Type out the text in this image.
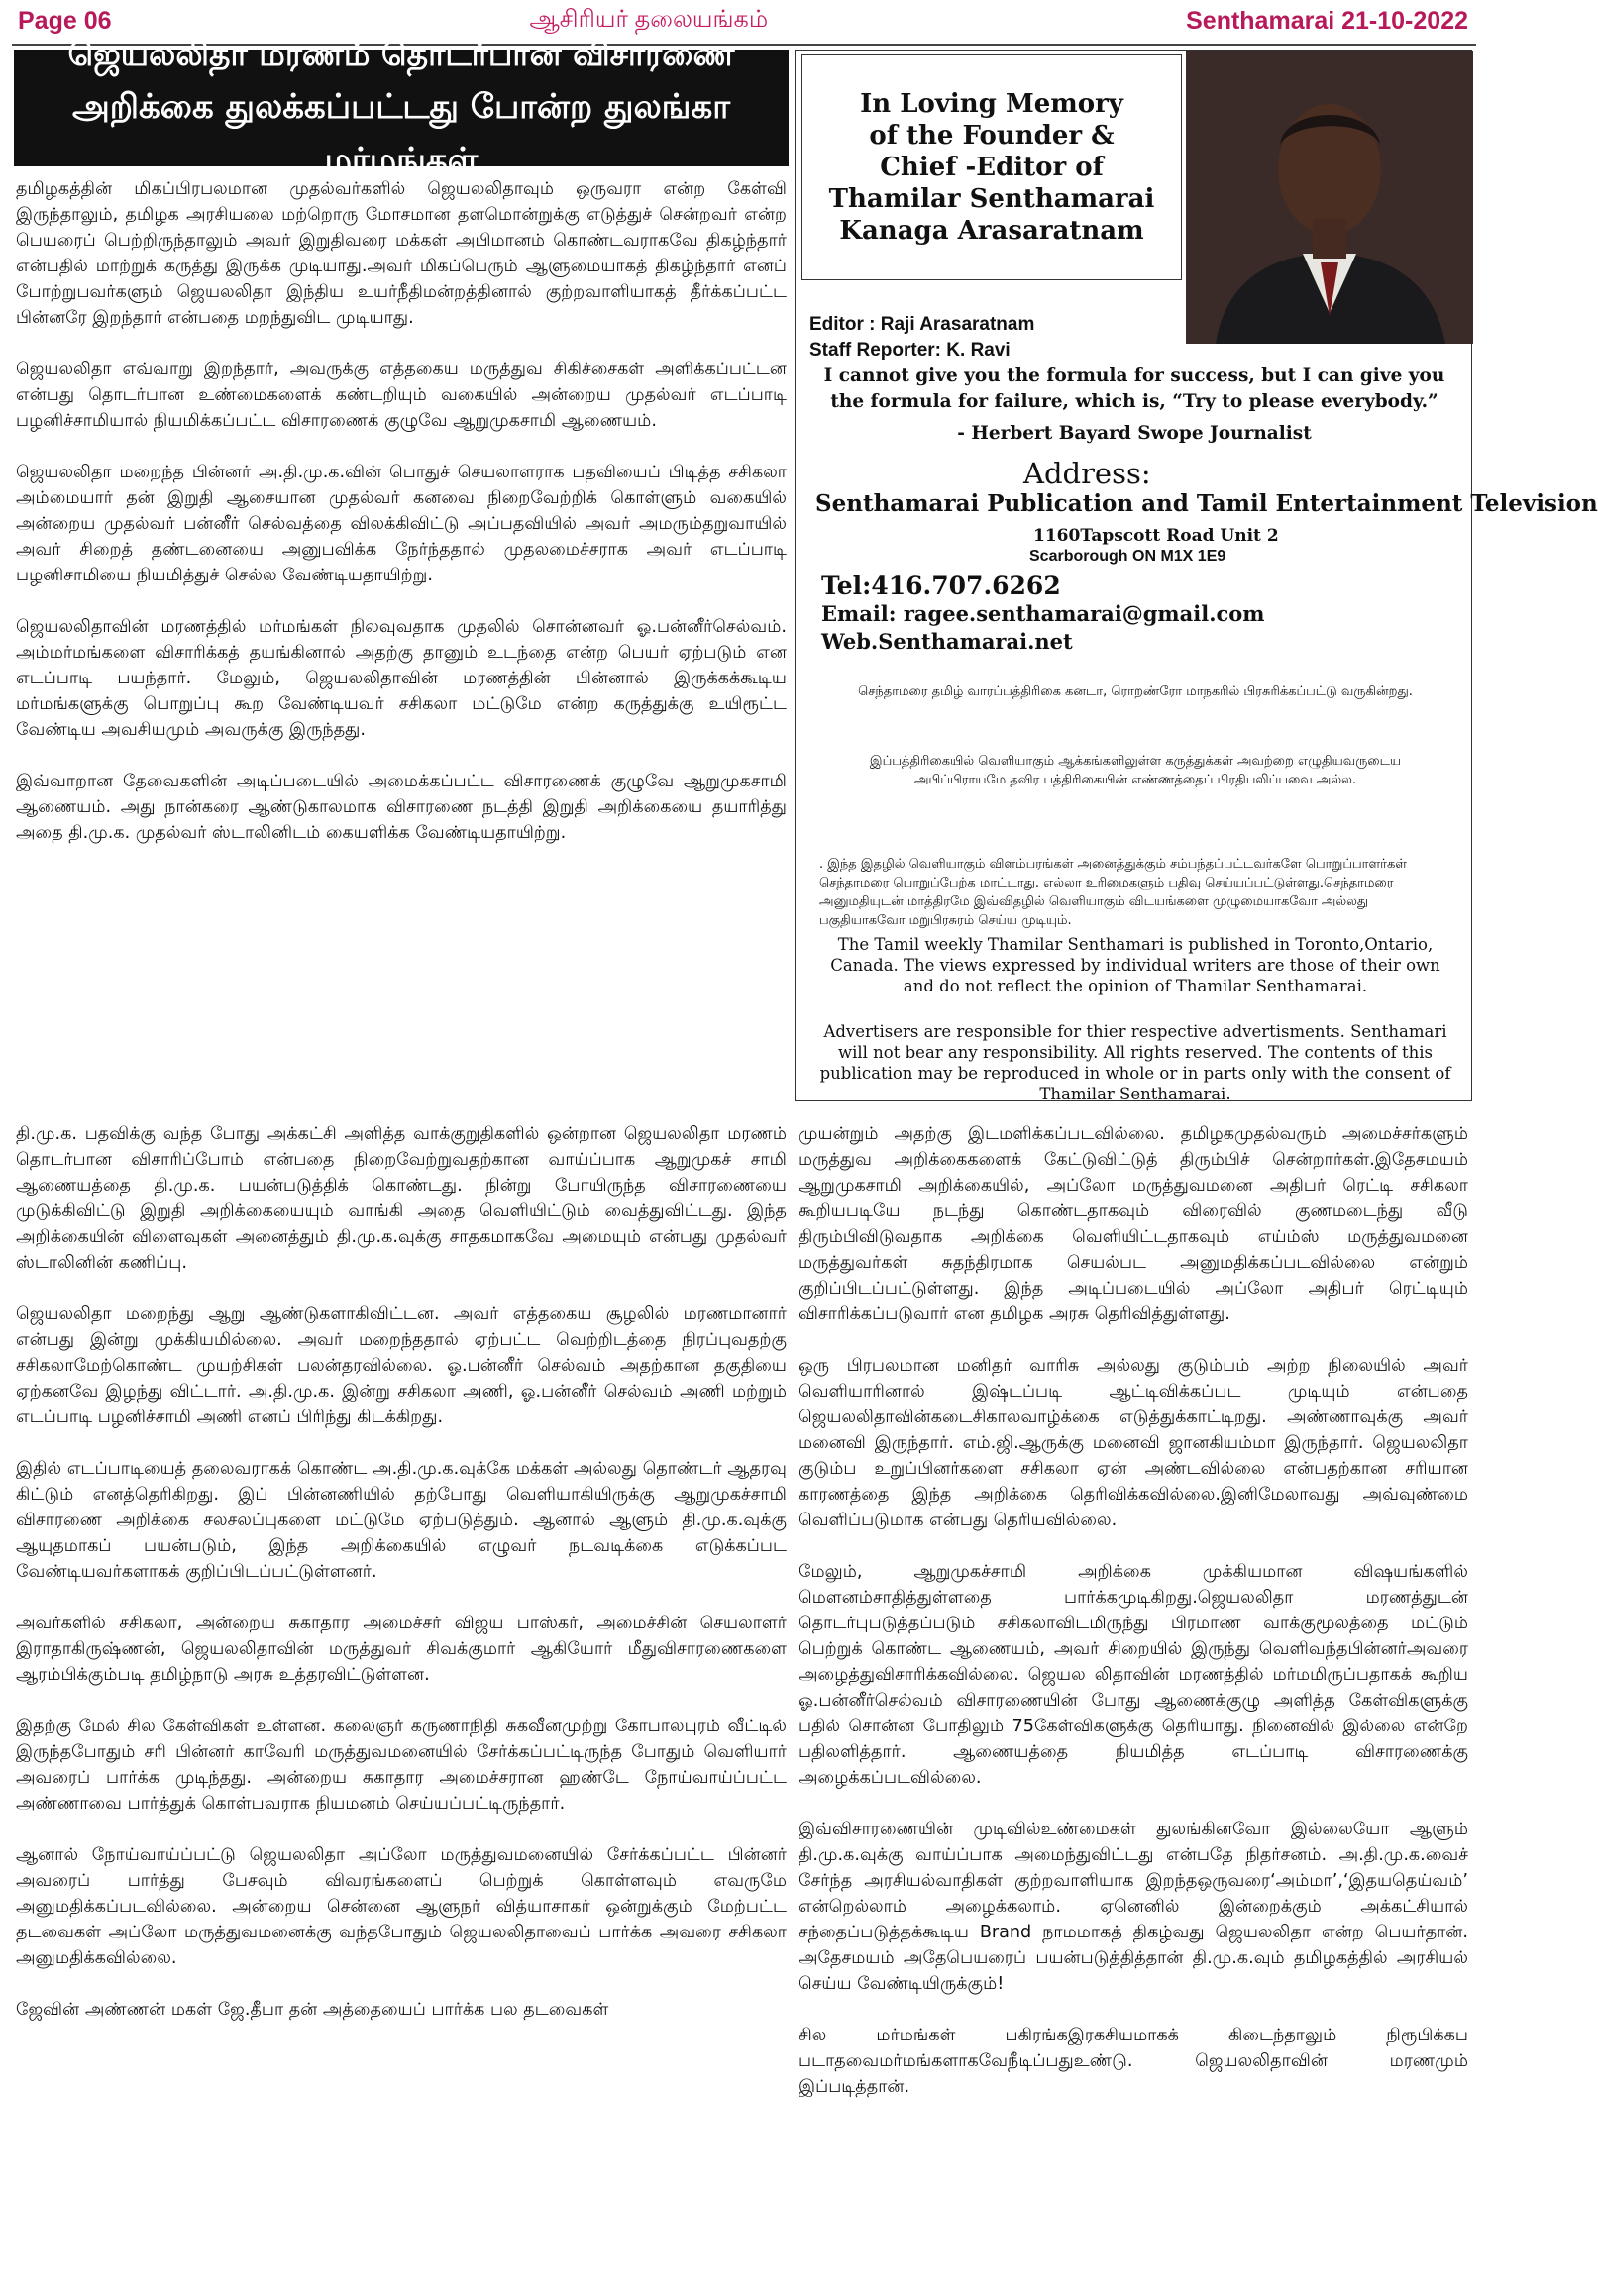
Page 06	ஆசிரியர் தலையங்கம்	Senthamarai 21-10-2022
ஜெயலலிதா மரணம் தொடர்பான விசாரணை
அறிக்கை துலக்கப்பட்டது போன்ற துலங்கா மர்மங்கள்

தமிழகத்தின் மிகப்பிரபலமான முதல்வர்களில் ஜெயலலிதாவும் ஒருவரா என்ற கேள்வி இருந்தாலும், தமிழக அரசியலை மற்றொரு மோசமான தளமொன்றுக்கு எடுத்துச் சென்றவர் என்ற பெயரைப் பெற்றிருந்தாலும் அவர் இறுதிவரை மக்கள் அபிமானம் கொண்டவராகவே திகழ்ந்தார் என்பதில் மாற்றுக் கருத்து இருக்க முடியாது.அவர் மிகப்பெரும் ஆளுமையாகத் திகழ்ந்தார் எனப் போற்றுபவர்களும் ஜெயலலிதா இந்திய உயர்நீதிமன்றத்தினால் குற்றவாளியாகத் தீர்க்கப்பட்ட பின்னரே இறந்தார் என்பதை மறந்துவிட முடியாது.

ஜெயலலிதா எவ்வாறு இறந்தார், அவருக்கு எத்தகைய மருத்துவ சிகிச்சைகள் அளிக்கப்பட்டன என்பது தொடர்பான உண்மைகளைக் கண்டறியும் வகையில் அன்றைய முதல்வர் எடப்பாடி பழனிச்சாமியால் நியமிக்கப்பட்ட விசாரணைக் குழுவே ஆறுமுகசாமி ஆணையம்.

ஜெயலலிதா மறைந்த பின்னர் அ.தி.மு.க.வின் பொதுச் செயலாளராக பதவியைப் பிடித்த சசிகலா அம்மையார் தன் இறுதி ஆசையான முதல்வர் கனவை நிறைவேற்றிக் கொள்ளும் வகையில் அன்றைய முதல்வர் பன்னீர் செல்வத்தை விலக்கிவிட்டு அப்பதவியில் அவர் அமரும்தறுவாயில் அவர் சிறைத் தண்டனையை அனுபவிக்க நேர்ந்ததால் முதலமைச்சராக அவர் எடப்பாடி பழனிசாமியை நியமித்துச் செல்ல வேண்டியதாயிற்று.

ஜெயலலிதாவின் மரணத்தில் மர்மங்கள் நிலவுவதாக முதலில் சொன்னவர் ஓ.பன்னீர்செல்வம். அம்மர்மங்களை விசாரிக்கத் தயங்கினால் அதற்கு தானும் உடந்தை என்ற பெயர் ஏற்படும் என எடப்பாடி பயந்தார். மேலும், ஜெயலலிதாவின் மரணத்தின் பின்னால் இருக்கக்கூடிய மர்மங்களுக்கு பொறுப்பு கூற வேண்டியவர் சசிகலா மட்டுமே என்ற கருத்துக்கு உயிரூட்ட வேண்டிய அவசியமும் அவருக்கு இருந்தது.

இவ்வாறான தேவைகளின் அடிப்படையில் அமைக்கப்பட்ட விசாரணைக் குழுவே ஆறுமுகசாமி ஆணையம். அது நான்கரை ஆண்டுகாலமாக விசாரணை நடத்தி இறுதி அறிக்கையை தயாரித்து அதை தி.மு.க. முதல்வர் ஸ்டாலினிடம் கையளிக்க வேண்டியதாயிற்று.

In Loving Memory
of the Founder &
Chief -Editor of
Thamilar Senthamarai
Kanaga Arasaratnam
Editor : Raji Arasaratnam
Staff Reporter: K. Ravi
I cannot give you the formula for success, but I can give you the formula for failure, which is, “Try to please everybody.”
- Herbert Bayard Swope Journalist
Address:
Senthamarai Publication and Tamil Entertainment Television
1160Tapscott Road Unit 2
Scarborough ON M1X 1E9
Tel:416.707.6262
Email: ragee.senthamarai@gmail.com
Web.Senthamarai.net
செந்தாமரை தமிழ் வாரப்பத்திரிகை கனடா, ரொறண்ரோ மாநகரில் பிரசுரிக்கப்பட்டு வருகின்றது.
இப்பத்திரிகையில் வெளியாகும் ஆக்கங்களிலுள்ள கருத்துக்கள் அவற்றை எழுதியவருடைய அபிப்பிராயமே தவிர பத்திரிகையின் எண்ணத்தைப் பிரதிபலிப்பவை அல்ல.
. இந்த இதழில் வெளியாகும் விளம்பரங்கள் அனைத்துக்கும் சம்பந்தப்பட்டவர்களே பொறுப்பாளர்கள் செந்தாமரை பொறுப்பேற்க மாட்டாது. எல்லா உரிமைகளும் பதிவு செய்யப்பட்டுள்ளது.செந்தாமரை அனுமதியுடன் மாத்திரமே இவ்விதழில் வெளியாகும் விடயங்களை முழுமையாகவோ அல்லது பகுதியாகவோ மறுபிரசுரம் செய்ய முடியும்.
The Tamil weekly Thamilar Senthamari is published in Toronto,Ontario, Canada. The views expressed by individual writers are those of their own and do not reflect the opinion of Thamilar Senthamarai.
Advertisers are responsible for thier respective advertisments. Senthamari will not bear any responsibility. All rights reserved. The contents of this publication may be reproduced in whole or in parts only with the consent of Thamilar Senthamarai.

தி.மு.க. பதவிக்கு வந்த போது அக்கட்சி அளித்த வாக்குறுதிகளில் ஒன்றான ஜெயலலிதா மரணம் தொடர்பான விசாரிப்போம் என்பதை நிறைவேற்றுவதற்கான வாய்ப்பாக ஆறுமுகச் சாமி ஆணையத்தை தி.மு.க. பயன்படுத்திக் கொண்டது. நின்று போயிருந்த விசாரணையை முடுக்கிவிட்டு இறுதி அறிக்கையையும் வாங்கி அதை வெளியிட்டும் வைத்துவிட்டது. இந்த அறிக்கையின் விளைவுகள் அனைத்தும் தி.மு.க.வுக்கு சாதகமாகவே அமையும் என்பது முதல்வர் ஸ்டாலினின் கணிப்பு.

ஜெயலலிதா மறைந்து ஆறு ஆண்டுகளாகிவிட்டன. அவர் எத்தகைய சூழலில் மரணமானார் என்பது இன்று முக்கியமில்லை. அவர் மறைந்ததால் ஏற்பட்ட வெற்றிடத்தை நிரப்புவதற்கு சசிகலாமேற்கொண்ட முயற்சிகள் பலன்தரவில்லை. ஓ.பன்னீர் செல்வம் அதற்கான தகுதியை ஏற்கனவே இழந்து விட்டார். அ.தி.மு.க. இன்று சசிகலா அணி, ஓ.பன்னீர் செல்வம் அணி மற்றும் எடப்பாடி பழனிச்சாமி அணி எனப் பிரிந்து கிடக்கிறது.

இதில் எடப்பாடியைத் தலைவராகக் கொண்ட அ.தி.மு.க.வுக்கே மக்கள் அல்லது தொண்டர் ஆதரவு கிட்டும் எனத்தெரிகிறது. இப் பின்னணியில் தற்போது வெளியாகியிருக்கு ஆறுமுகச்சாமி விசாரணை அறிக்கை சலசலப்புகளை மட்டுமே ஏற்படுத்தும். ஆனால் ஆளும் தி.மு.க.வுக்கு ஆயுதமாகப் பயன்படும், இந்த அறிக்கையில் எழுவர் நடவடிக்கை எடுக்கப்பட வேண்டியவர்களாகக் குறிப்பிடப்பட்டுள்ளனர்.

அவர்களில் சசிகலா, அன்றைய சுகாதார அமைச்சர் விஜய பாஸ்கர், அமைச்சின் செயலாளர் இராதாகிருஷ்ணன், ஜெயலலிதாவின் மருத்துவர் சிவக்குமார் ஆகியோர் மீதுவிசாரணைகளை ஆரம்பிக்கும்படி தமிழ்நாடு அரசு உத்தரவிட்டுள்ளன.

இதற்கு மேல் சில கேள்விகள் உள்ளன. கலைஞர் கருணாநிதி சுகவீனமுற்று கோபாலபுரம் வீட்டில் இருந்தபோதும் சரி பின்னர் காவேரி மருத்துவமனையில் சேர்க்கப்பட்டிருந்த போதும் வெளியார் அவரைப் பார்க்க முடிந்தது. அன்றைய சுகாதார அமைச்சரான ஹண்டே நோய்வாய்ப்பட்ட அண்ணாவை பார்த்துக் கொள்பவராக நியமனம் செய்யப்பட்டிருந்தார்.

ஆனால் நோய்வாய்ப்பட்டு ஜெயலலிதா அப்லோ மருத்துவமனையில் சேர்க்கப்பட்ட பின்னர் அவரைப் பார்த்து பேசவும் விவரங்களைப் பெற்றுக் கொள்ளவும் எவருமே அனுமதிக்கப்படவில்லை. அன்றைய சென்னை ஆளுநர் வித்யாசாகர் ஒன்றுக்கும் மேற்பட்ட தடவைகள் அப்லோ மருத்துவமனைக்கு வந்தபோதும் ஜெயலலிதாவைப் பார்க்க அவரை சசிகலா அனுமதிக்கவில்லை.

ஜேவின் அண்ணன் மகள் ஜே.தீபா தன் அத்தையைப் பார்க்க பல தடவைகள்

முயன்றும் அதற்கு இடமளிக்கப்படவில்லை. தமிழகமுதல்வரும் அமைச்சர்களும் மருத்துவ அறிக்கைகளைக் கேட்டுவிட்டுத் திரும்பிச் சென்றார்கள்.இதேசமயம் ஆறுமுகசாமி அறிக்கையில், அப்லோ மருத்துவமனை அதிபர் ரெட்டி சசிகலா கூறியபடியே நடந்து கொண்டதாகவும் விரைவில் குணமடைந்து வீடு திரும்பிவிடுவதாக அறிக்கை வெளியிட்டதாகவும் எய்ம்ஸ் மருத்துவமனை மருத்துவர்கள் சுதந்திரமாக செயல்பட அனுமதிக்கப்படவில்லை என்றும் குறிப்பிடப்பட்டுள்ளது. இந்த அடிப்படையில் அப்லோ அதிபர் ரெட்டியும் விசாரிக்கப்படுவார் என தமிழக அரசு தெரிவித்துள்ளது.

ஒரு பிரபலமான மனிதர் வாரிசு அல்லது குடும்பம் அற்ற நிலையில் அவர் வெளியாரினால் இஷ்டப்படி ஆட்டிவிக்கப்பட முடியும் என்பதை ஜெயலலிதாவின்கடைசிகாலவாழ்க்கை எடுத்துக்காட்டிறது. அண்ணாவுக்கு அவர் மனைவி இருந்தார். எம்.ஜி.ஆருக்கு மனைவி ஜானகியம்மா இருந்தார். ஜெயலலிதா குடும்ப உறுப்பினர்களை சசிகலா ஏன் அண்டவில்லை என்பதற்கான சரியான காரணத்தை இந்த அறிக்கை தெரிவிக்கவில்லை.இனிமேலாவது அவ்வுண்மை வெளிப்படுமாக என்பது தெரியவில்லை.

மேலும், ஆறுமுகச்சாமி அறிக்கை முக்கியமான விஷயங்களில் மௌனம்சாதித்துள்ளதை பார்க்கமுடிகிறது.ஜெயலலிதா மரணத்துடன் தொடர்புபடுத்தப்படும் சசிகலாவிடமிருந்து பிரமாண வாக்குமூலத்தை மட்டும் பெற்றுக் கொண்ட ஆணையம், அவர் சிறையில் இருந்து வெளிவந்தபின்னர்அவரை அழைத்துவிசாரிக்கவில்லை. ஜெயல லிதாவின் மரணத்தில் மர்மமிருப்பதாகக் கூறிய ஓ.பன்னீர்செல்வம் விசாரணையின் போது ஆணைக்குழு அளித்த கேள்விகளுக்கு பதில் சொன்ன போதிலும் 75கேள்விகளுக்கு தெரியாது. நினைவில் இல்லை என்றே பதிலளித்தார். ஆணையத்தை நியமித்த எடப்பாடி விசாரணைக்கு அழைக்கப்படவில்லை.

இவ்விசாரணையின் முடிவில்உண்மைகள் துலங்கினவோ இல்லையோ ஆளும் தி.மு.க.வுக்கு வாய்ப்பாக அமைந்துவிட்டது என்பதே நிதர்சனம். அ.தி.மு.க.வைச் சேர்ந்த அரசியல்வாதிகள் குற்றவாளியாக இறந்தஒருவரை‘அம்மா’,‘இதயதெய்வம்’ என்றெல்லாம் அழைக்கலாம். ஏனெனில் இன்றைக்கும் அக்கட்சியால் சந்தைப்படுத்தக்கூடிய Brand நாமமாகத் திகழ்வது ஜெயலலிதா என்ற பெயர்தான். அதேசமயம் அதேபெயரைப் பயன்படுத்தித்தான் தி.மு.க.வும் தமிழகத்தில் அரசியல் செய்ய வேண்டியிருக்கும்!

சில மர்மங்கள் பகிரங்கஇரகசியமாகக் கிடைந்தாலும் நிரூபிக்கப படாதவைமர்மங்களாகவேநீடிப்பதுஉண்டு. ஜெயலலிதாவின் மரணமும் இப்படித்தான்.
